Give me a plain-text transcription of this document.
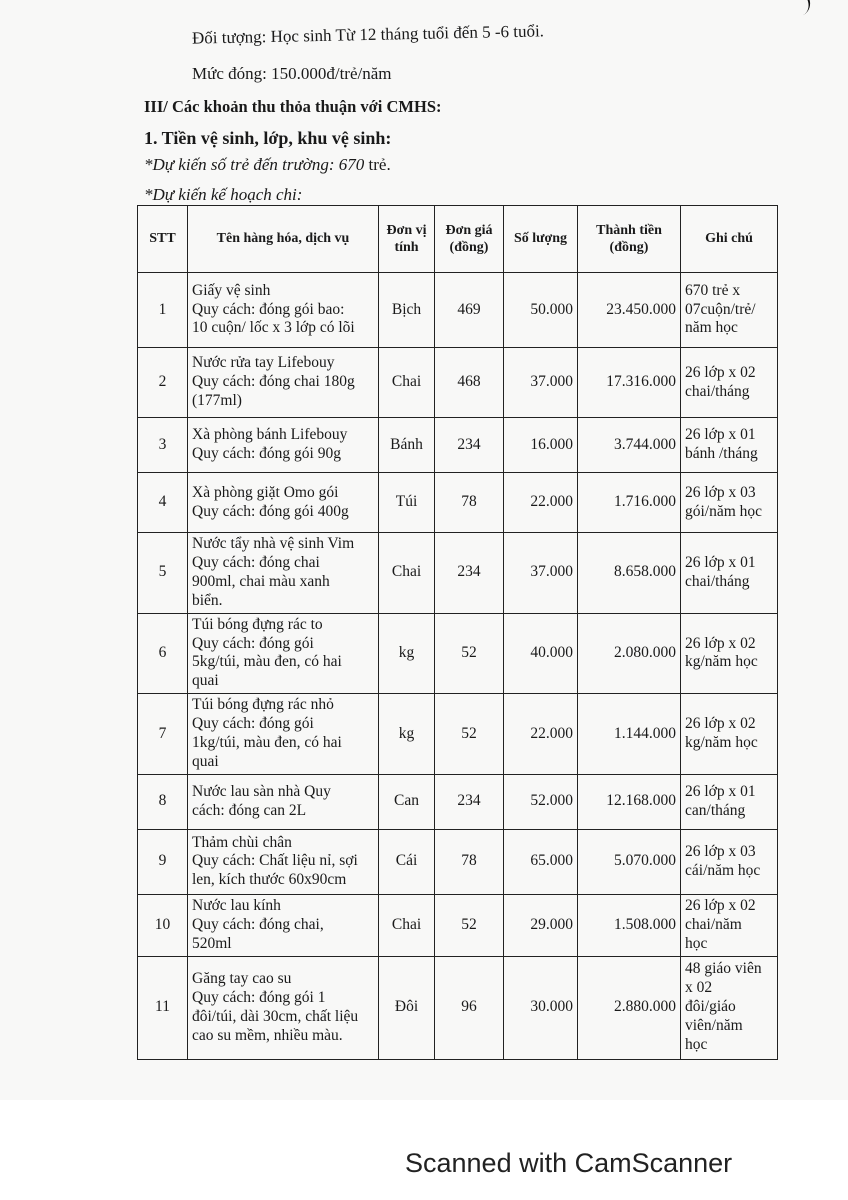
Đối tượng: Học sinh Từ 12 tháng tuổi đến 5 -6 tuổi.
Mức đóng: 150.000đ/trẻ/năm
III/ Các khoản thu thỏa thuận với CMHS:
1. Tiền vệ sinh, lớp, khu vệ sinh:
*Dự kiến số trẻ đến trường: 670 trẻ.
*Dự kiến kế hoạch chi:
STT	Tên hàng hóa, dịch vụ	Đơn vị tính	Đơn giá (đồng)	Số lượng	Thành tiền (đồng)	Ghi chú
1	Giấy vệ sinh
Quy cách: đóng gói bao:
10 cuộn/ lốc x 3 lớp có lõi	Bịch	469	50.000	23.450.000	670 trẻ x
07cuộn/trẻ/
năm học

2	Nước rửa tay Lifebouy
Quy cách: đóng chai 180g
(177ml)	Chai	468	37.000	17.316.000	26 lớp x 02
chai/tháng

3	Xà phòng bánh Lifebouy
Quy cách: đóng gói 90g	Bánh	234	16.000	3.744.000	26 lớp x 01
bánh /tháng

4	Xà phòng giặt Omo gói
Quy cách: đóng gói 400g	Túi	78	22.000	1.716.000	26 lớp x 03
gói/năm học

5	Nước tẩy nhà vệ sinh Vim
Quy cách: đóng chai
900ml, chai màu xanh
biển.	Chai	234	37.000	8.658.000	26 lớp x 01
chai/tháng

6	Túi bóng đựng rác to
Quy cách: đóng gói
5kg/túi, màu đen, có hai
quai	kg	52	40.000	2.080.000	26 lớp x 02
kg/năm học

7	Túi bóng đựng rác nhỏ
Quy cách: đóng gói
1kg/túi, màu đen, có hai
quai	kg	52	22.000	1.144.000	26 lớp x 02
kg/năm học

8	Nước lau sàn nhà Quy
cách: đóng can 2L	Can	234	52.000	12.168.000	26 lớp x 01
can/tháng

9	Thảm chùi chân
Quy cách: Chất liệu nỉ, sợi
len, kích thước 60x90cm	Cái	78	65.000	5.070.000	26 lớp x 03
cái/năm học

10	Nước lau kính
Quy cách: đóng chai,
520ml	Chai	52	29.000	1.508.000	26 lớp x 02
chai/năm
học

11	Găng tay cao su
Quy cách: đóng gói 1
đôi/túi, dài 30cm, chất liệu
cao su mềm, nhiều màu.	Đôi	96	30.000	2.880.000	48 giáo viên
x 02
đôi/giáo
viên/năm
học
Scanned with CamScanner
